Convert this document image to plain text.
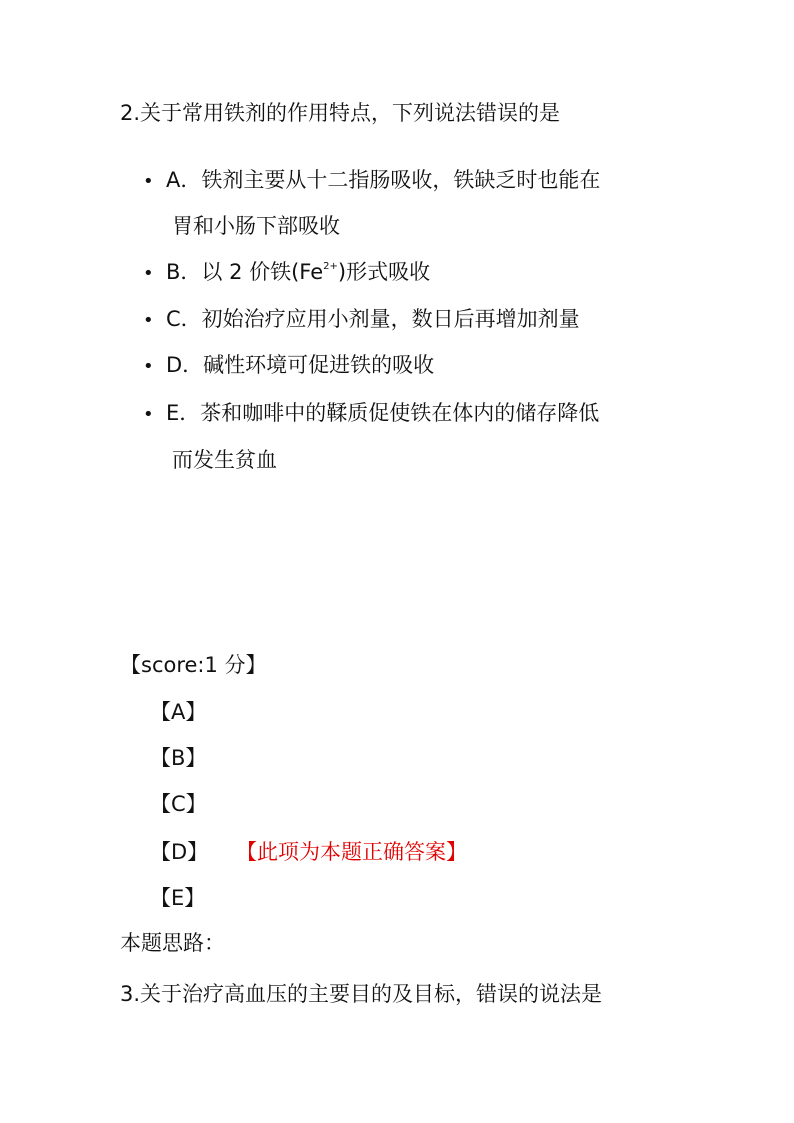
2.关于常用铁剂的作用特点，下列说法错误的是
• A．铁剂主要从十二指肠吸收，铁缺乏时也能在
胃和小肠下部吸收
• B．以 2 价铁$(Fe^{2+})$形式吸收
• C．初始治疗应用小剂量，数日后再增加剂量
• D．碱性环境可促进铁的吸收
• E．茶和咖啡中的鞣质促使铁在体内的储存降低
而发生贫血
【score:1 分】
【A】
【B】
【C】
【D】 【此项为本题正确答案】
【E】
本题思路：
3.关于治疗高血压的主要目的及目标，错误的说法是
